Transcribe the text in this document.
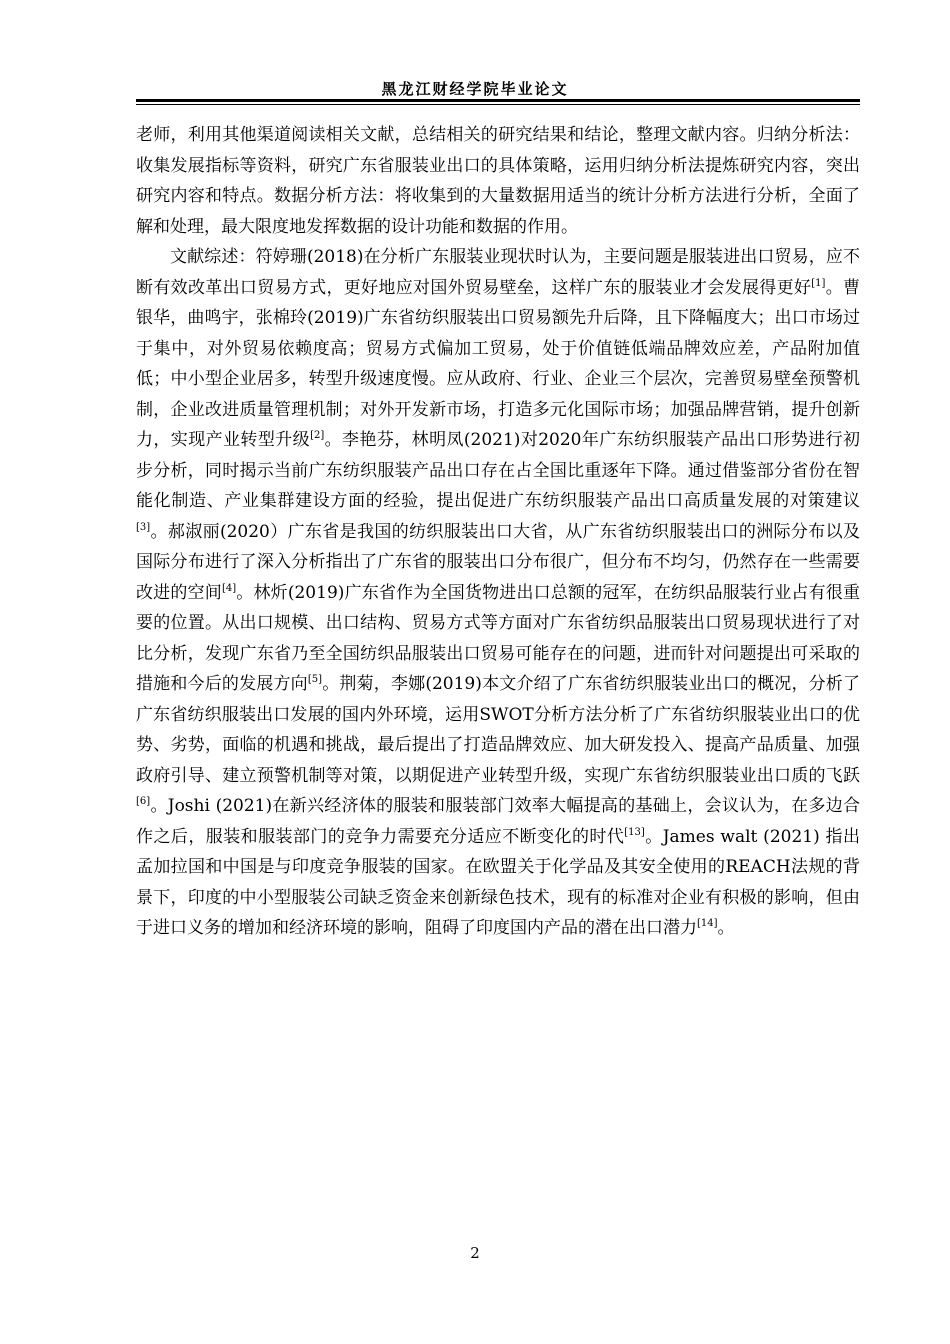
黑龙江财经学院毕业论文

老师，利用其他渠道阅读相关文献，总结相关的研究结果和结论，整理文献内容。归纳分析法：收集发展指标等资料，研究广东省服装业出口的具体策略，运用归纳分析法提炼研究内容，突出研究内容和特点。数据分析方法：将收集到的大量数据用适当的统计分析方法进行分析，全面了解和处理，最大限度地发挥数据的设计功能和数据的作用。

文献综述：符婷珊(2018)在分析广东服装业现状时认为，主要问题是服装进出口贸易，应不断有效改革出口贸易方式，更好地应对国外贸易壁垒，这样广东的服装业才会发展得更好[1]。曹银华，曲鸣宇，张棉玲(2019)广东省纺织服装出口贸易额先升后降，且下降幅度大；出口市场过于集中，对外贸易依赖度高；贸易方式偏加工贸易，处于价值链低端品牌效应差，产品附加值低；中小型企业居多，转型升级速度慢。应从政府、行业、企业三个层次，完善贸易壁垒预警机制，企业改进质量管理机制；对外开发新市场，打造多元化国际市场；加强品牌营销，提升创新力，实现产业转型升级[2]。李艳芬，林明凤(2021)对2020年广东纺织服装产品出口形势进行初步分析，同时揭示当前广东纺织服装产品出口存在占全国比重逐年下降。通过借鉴部分省份在智能化制造、产业集群建设方面的经验，提出促进广东纺织服装产品出口高质量发展的对策建议[3]。郝淑丽(2020）广东省是我国的纺织服装出口大省，从广东省纺织服装出口的洲际分布以及国际分布进行了深入分析指出了广东省的服装出口分布很广，但分布不均匀，仍然存在一些需要改进的空间[4]。林炘(2019)广东省作为全国货物进出口总额的冠军，在纺织品服装行业占有很重要的位置。从出口规模、出口结构、贸易方式等方面对广东省纺织品服装出口贸易现状进行了对比分析，发现广东省乃至全国纺织品服装出口贸易可能存在的问题，进而针对问题提出可采取的措施和今后的发展方向[5]。荆菊，李娜(2019)本文介绍了广东省纺织服装业出口的概况，分析了广东省纺织服装出口发展的国内外环境，运用SWOT分析方法分析了广东省纺织服装业出口的优势、劣势，面临的机遇和挑战，最后提出了打造品牌效应、加大研发投入、提高产品质量、加强政府引导、建立预警机制等对策，以期促进产业转型升级，实现广东省纺织服装业出口质的飞跃[6]。Joshi (2021)在新兴经济体的服装和服装部门效率大幅提高的基础上，会议认为，在多边合作之后，服装和服装部门的竞争力需要充分适应不断变化的时代[13]。James walt (2021) 指出孟加拉国和中国是与印度竞争服装的国家。在欧盟关于化学品及其安全使用的REACH法规的背景下，印度的中小型服装公司缺乏资金来创新绿色技术，现有的标准对企业有积极的影响，但由于进口义务的增加和经济环境的影响，阻碍了印度国内产品的潜在出口潜力[14]。

2
